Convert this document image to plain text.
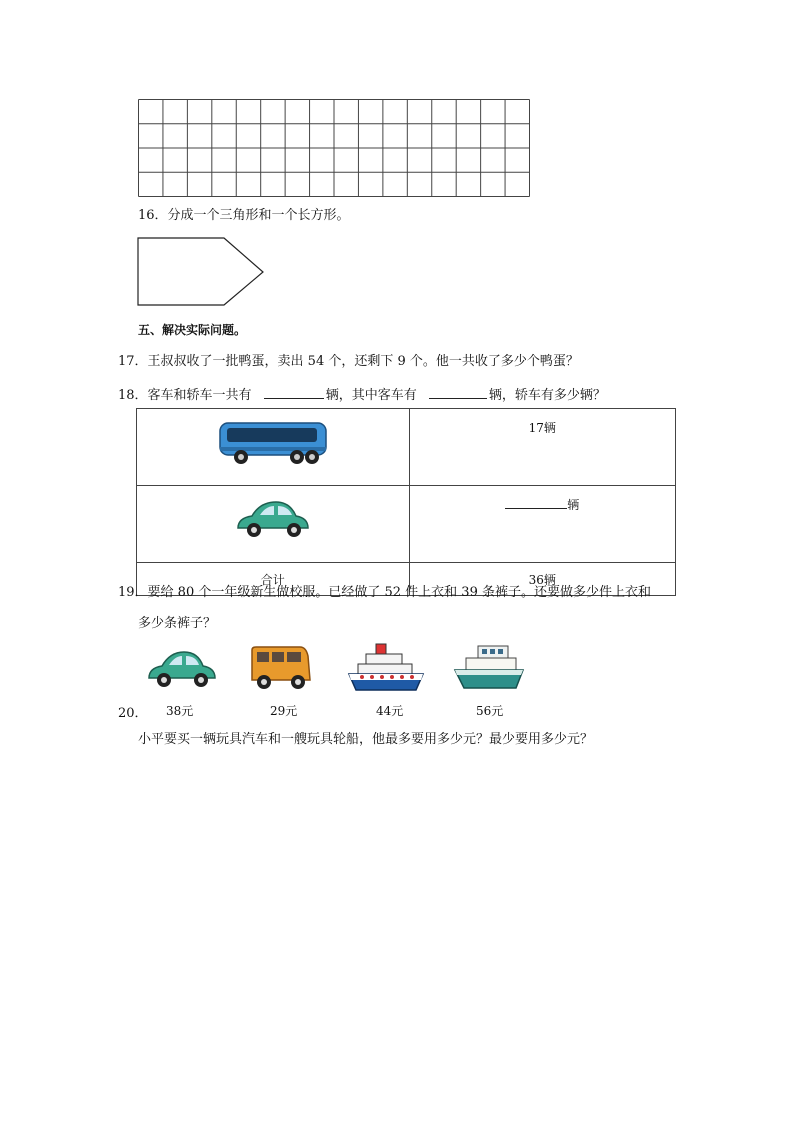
16．分成一个三角形和一个长方形。
五、解决实际问题。
17．王叔叔收了一批鸭蛋，卖出 54 个，还剩下 9 个。他一共收了多少个鸭蛋？
18．客车和轿车一共有	辆，其中客车有	辆，轿车有多少辆？
	17辆

	辆
合计	36辆
19．要给 80 个一年级新生做校服。已经做了 52 件上衣和 39 条裤子。还要做多少件上衣和
多少条裤子？
20． 38元	29元	44元	56元
小平要买一辆玩具汽车和一艘玩具轮船，他最多要用多少元？最少要用多少元？
